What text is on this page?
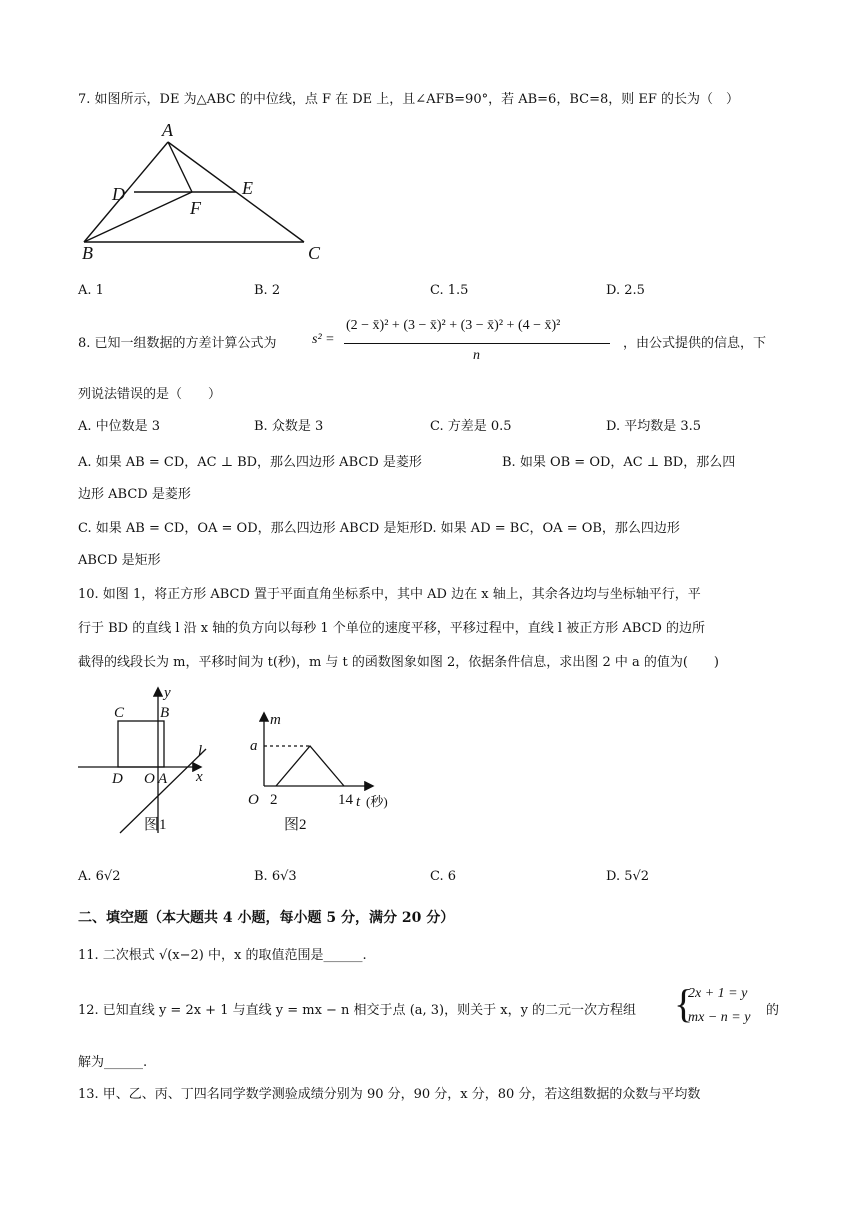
7. 如图所示，DE 为△ABC 的中位线，点 F 在 DE 上，且∠AFB=90°，若 AB=6，BC=8，则 EF 的长为（　）
A
D	E
F
B	C
A. 1	B. 2	C. 1.5	D. 2.5
8. 已知一组数据的方差计算公式为	s² =
(2 − x̄)² + (3 − x̄)² + (3 − x̄)² + (4 − x̄)²
n
，由公式提供的信息，下
列说法错误的是（　　）
A. 中位数是 3	B. 众数是 3	C. 方差是 0.5	D. 平均数是 3.5
A. 如果 AB = CD，AC ⊥ BD，那么四边形 ABCD 是菱形	B. 如果 OB = OD，AC ⊥ BD，那么四
边形 ABCD 是菱形
C. 如果 AB = CD，OA = OD，那么四边形 ABCD 是矩形D. 如果 AD = BC，OA = OB，那么四边形
ABCD 是矩形
10. 如图 1，将正方形 ABCD 置于平面直角坐标系中，其中 AD 边在 x 轴上，其余各边均与坐标轴平行，平
行于 BD 的直线 l 沿 x 轴的负方向以每秒 1 个单位的速度平移，平移过程中，直线 l 被正方形 ABCD 的边所
截得的线段长为 m，平移时间为 t(秒)，m 与 t 的函数图象如图 2，依据条件信息，求出图 2 中 a 的值为(　　)
y
C B
l
D O A x
图1
m
a
O	t
2	14 (秒)
图2
A. 6√2	B. 6√3	C. 6	D. 5√2
二、填空题（本大题共 4 小题，每小题 5 分，满分 20 分）
11. 二次根式 √(x−2) 中，x 的取值范围是______.
12. 已知直线 y = 2x + 1 与直线 y = mx − n 相交于点 (a, 3)，则关于 x，y 的二元一次方程组 {
2x + 1 = y
mx − n = y 的
解为______.
13. 甲、乙、丙、丁四名同学数学测验成绩分别为 90 分，90 分，x 分，80 分，若这组数据的众数与平均数
